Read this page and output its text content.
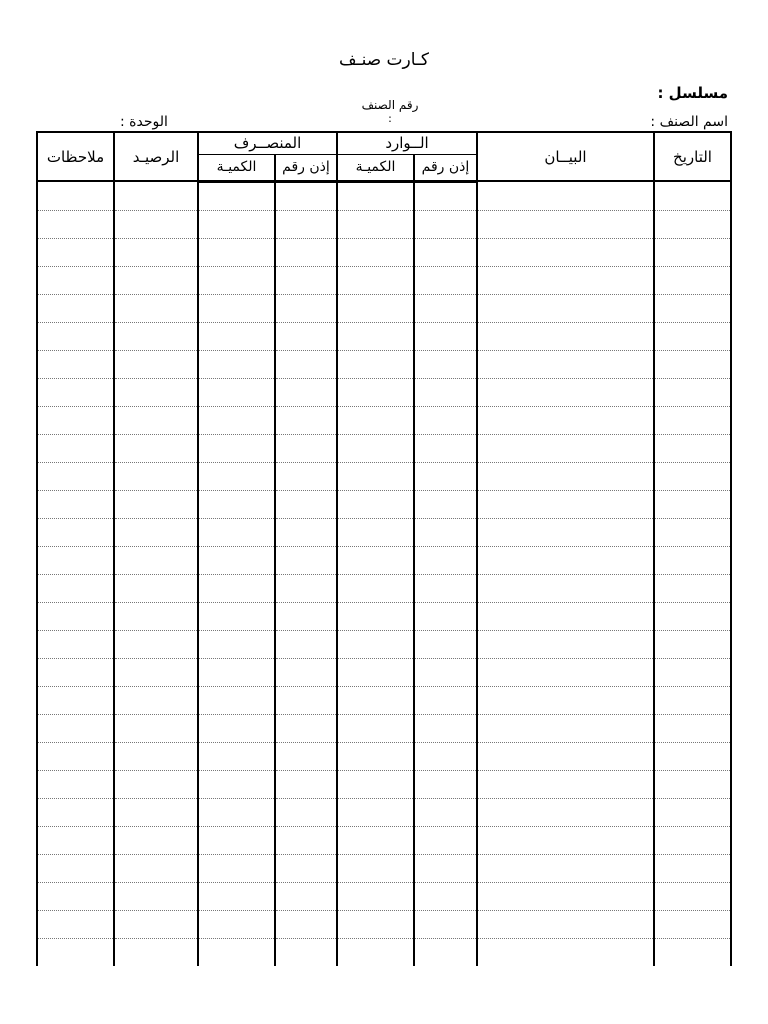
كـارت صنـف
مسلسل :
اسم الصنف :
رقم الصنف
:
الوحدة :
التاريخ	البيــان	الــوارد		المنصــرف		الرصيـد	ملاحظات
		إذن رقم	الكميـة	إذن رقم	الكميـة		
